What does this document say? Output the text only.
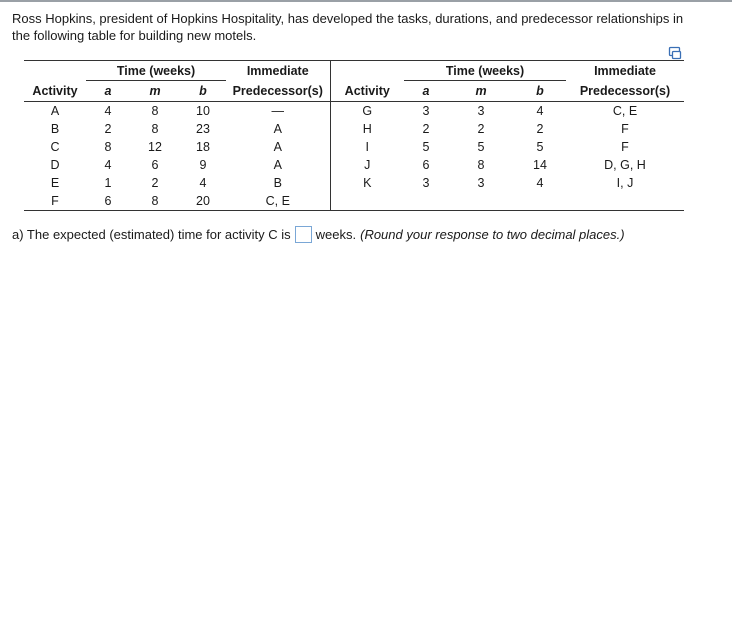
Ross Hopkins, president of Hopkins Hospitality, has developed the tasks, durations, and predecessor relationships in the following table for building new motels.

	Time (weeks)			Immediate		Time (weeks)			Immediate
Activity	a	m	b	Predecessor(s)	Activity	a	m	b	Predecessor(s)
A	4	8	10	—	G	3	3	4	C, E
B	2	8	23	A	H	2	2	2	F
C	8	12	18	A	I	5	5	5	F
D	4	6	9	A	J	6	8	14	D, G, H
E	1	2	4	B	K	3	3	4	I, J
F	6	8	20	C, E					
a) The expected (estimated) time for activity C is weeks. (Round your response to two decimal places.)
